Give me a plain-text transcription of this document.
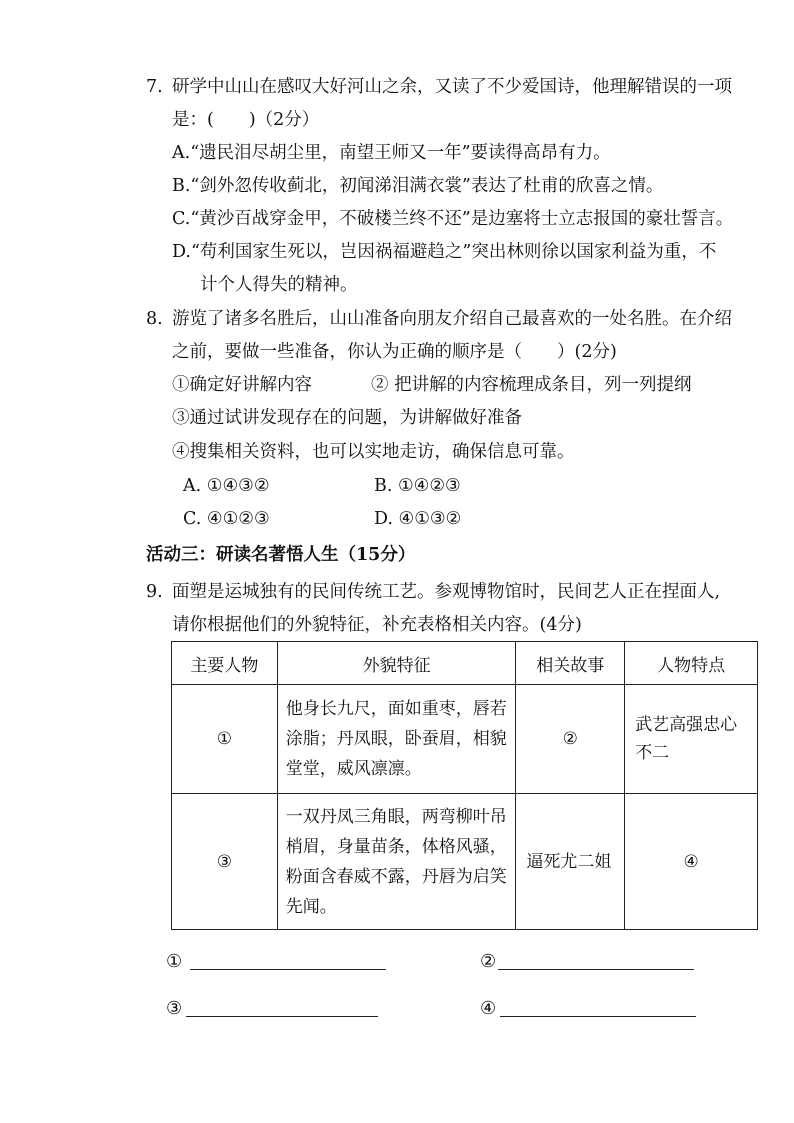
7. 研学中山山在感叹大好河山之余，又读了不少爱国诗，他理解错误的一项
是：(　　)（2分）
A.“遗民泪尽胡尘里，南望王师又一年”要读得高昂有力。
B.“剑外忽传收蓟北，初闻涕泪满衣裳”表达了杜甫的欣喜之情。
C.“黄沙百战穿金甲，不破楼兰终不还”是边塞将士立志报国的豪壮誓言。
D.“苟利国家生死以，岂因祸福避趋之”突出林则徐以国家利益为重，不
计个人得失的精神。
8. 游览了诸多名胜后，山山准备向朋友介绍自己最喜欢的一处名胜。在介绍
之前，要做一些准备，你认为正确的顺序是（　　）(2分)
①确定好讲解内容	② 把讲解的内容梳理成条目，列一列提纲
③通过试讲发现存在的问题，为讲解做好准备
④搜集相关资料，也可以实地走访，确保信息可靠。
A. ①④③②	B. ①④②③
C. ④①②③	D. ④①③②
活动三：研读名著悟人生（15分）
9. 面塑是运城独有的民间传统工艺。参观博物馆时，民间艺人正在捏面人,
请你根据他们的外貌特征，补充表格相关内容。(4分)
主要人物	外貌特征	相关故事	人物特点
①	他身长九尺，面如重枣，唇若涂脂；丹凤眼，卧蚕眉，相貌堂堂，威风凛凛。	②	武艺高强忠心不二
③	一双丹凤三角眼，两弯柳叶吊梢眉，身量苗条，体格风骚，粉面含春威不露，丹唇为启笑先闻。	逼死尤二姐	④
①	②
③	④
